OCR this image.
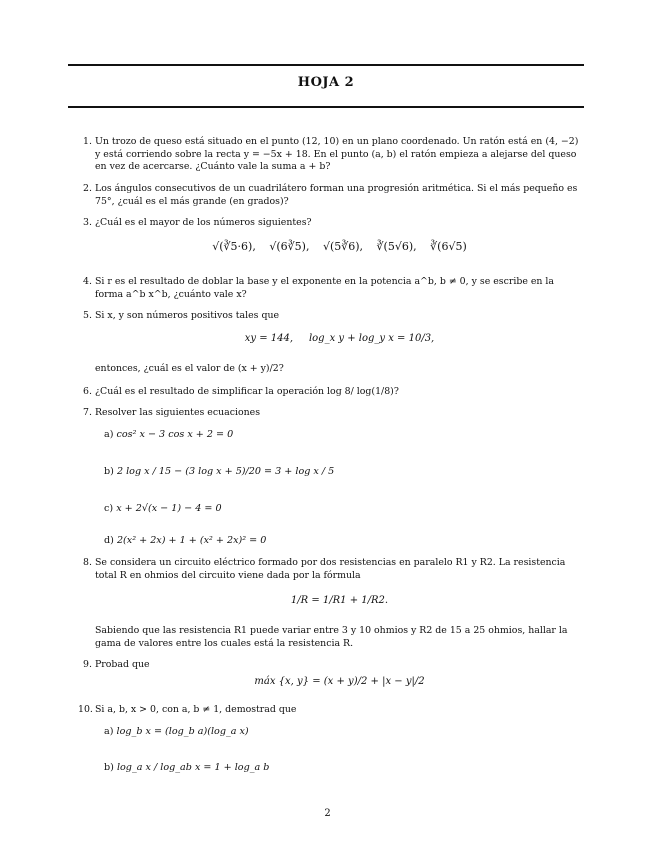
HOJA 2
1. Un trozo de queso está situado en el punto (12, 10) en un plano coordenado. Un ratón está en (4, −2) y está corriendo sobre la recta y = −5x + 18. En el punto (a, b) el ratón empieza a alejarse del queso en vez de acercarse. ¿Cuánto vale la suma a + b?
2. Los ángulos consecutivos de un cuadrilátero forman una progresión aritmética. Si el más pequeño es 75°, ¿cuál es el más grande (en grados)?
3. ¿Cuál es el mayor de los números siguientes?
√(∛5·6), √(6∛5), √(5∛6), ∛(5√6), ∛(6√5)
4. Si r es el resultado de doblar la base y el exponente en la potencia a^b, b ≠ 0, y se escribe en la forma a^b x^b, ¿cuánto vale x?
5. Si x, y son números positivos tales que
xy = 144, log_x y + log_y x = 10/3,
entonces, ¿cuál es el valor de (x + y)/2?
6. ¿Cuál es el resultado de simplificar la operación log 8/ log(1/8)?
7. Resolver las siguientes ecuaciones
a) cos² x − 3 cos x + 2 = 0
b) 2 log x / 15 − (3 log x + 5)/20 = 3 + log x / 5
c) x + 2√(x − 1) − 4 = 0
d) 2(x² + 2x) + 1 + (x² + 2x)² = 0
8. Se considera un circuito eléctrico formado por dos resistencias en paralelo R1 y R2. La resistencia total R en ohmios del circuito viene dada por la fórmula
1/R = 1/R1 + 1/R2.
Sabiendo que las resistencia R1 puede variar entre 3 y 10 ohmios y R2 de 15 a 25 ohmios, hallar la gama de valores entre los cuales está la resistencia R.
9. Probad que
máx {x, y} = (x + y)/2 + |x − y|/2
10. Si a, b, x > 0, con a, b ≠ 1, demostrad que
a) log_b x = (log_b a)(log_a x)
b) log_a x / log_ab x = 1 + log_a b
2
